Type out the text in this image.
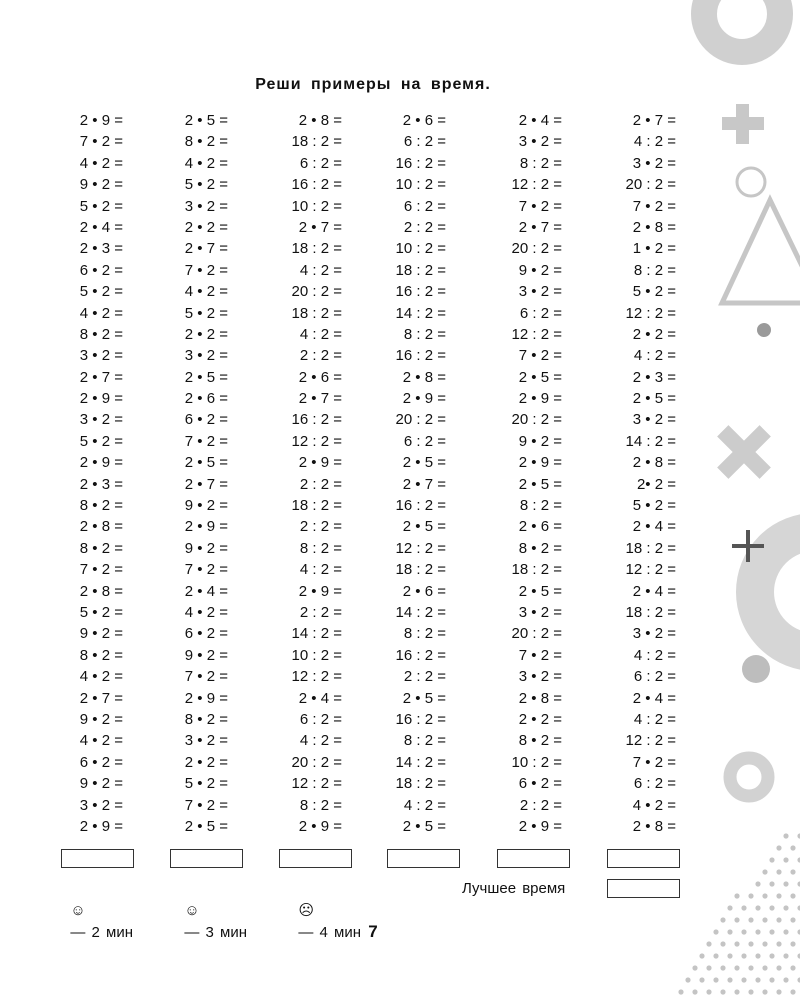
Реши примеры на время.
2 • 9 =
7 • 2 =
4 • 2 =
9 • 2 =
5 • 2 =
2 • 4 =
2 • 3 =
6 • 2 =
5 • 2 =
4 • 2 =
8 • 2 =
3 • 2 =
2 • 7 =
2 • 9 =
3 • 2 =
5 • 2 =
2 • 9 =
2 • 3 =
8 • 2 =
2 • 8 =
8 • 2 =
7 • 2 =
2 • 8 =
5 • 2 =
9 • 2 =
8 • 2 =
4 • 2 =
2 • 7 =
9 • 2 =
4 • 2 =
6 • 2 =
9 • 2 =
3 • 2 =
2 • 9 =
2 • 5 =
8 • 2 =
4 • 2 =
5 • 2 =
3 • 2 =
2 • 2 =
2 • 7 =
7 • 2 =
4 • 2 =
5 • 2 =
2 • 2 =
3 • 2 =
2 • 5 =
2 • 6 =
6 • 2 =
7 • 2 =
2 • 5 =
2 • 7 =
9 • 2 =
2 • 9 =
9 • 2 =
7 • 2 =
2 • 4 =
4 • 2 =
6 • 2 =
9 • 2 =
7 • 2 =
2 • 9 =
8 • 2 =
3 • 2 =
2 • 2 =
5 • 2 =
7 • 2 =
2 • 5 =
2 • 8 =
18 : 2 =
6 : 2 =
16 : 2 =
10 : 2 =
2 • 7 =
18 : 2 =
4 : 2 =
20 : 2 =
18 : 2 =
4 : 2 =
2 : 2 =
2 • 6 =
2 • 7 =
16 : 2 =
12 : 2 =
2 • 9 =
2 : 2 =
18 : 2 =
2 : 2 =
8 : 2 =
4 : 2 =
2 • 9 =
2 : 2 =
14 : 2 =
10 : 2 =
12 : 2 =
2 • 4 =
6 : 2 =
4 : 2 =
20 : 2 =
12 : 2 =
8 : 2 =
2 • 9 =
2 • 6 =
6 : 2 =
16 : 2 =
10 : 2 =
6 : 2 =
2 : 2 =
10 : 2 =
18 : 2 =
16 : 2 =
14 : 2 =
8 : 2 =
16 : 2 =
2 • 8 =
2 • 9 =
20 : 2 =
6 : 2 =
2 • 5 =
2 • 7 =
16 : 2 =
2 • 5 =
12 : 2 =
18 : 2 =
2 • 6 =
14 : 2 =
8 : 2 =
16 : 2 =
2 : 2 =
2 • 5 =
16 : 2 =
8 : 2 =
14 : 2 =
18 : 2 =
4 : 2 =
2 • 5 =
2 • 4 =
3 • 2 =
8 : 2 =
12 : 2 =
7 • 2 =
2 • 7 =
20 : 2 =
9 • 2 =
3 • 2 =
6 : 2 =
12 : 2 =
7 • 2 =
2 • 5 =
2 • 9 =
20 : 2 =
9 • 2 =
2 • 9 =
2 • 5 =
8 : 2 =
2 • 6 =
8 • 2 =
18 : 2 =
2 • 5 =
3 • 2 =
20 : 2 =
7 • 2 =
3 • 2 =
2 • 8 =
2 • 2 =
8 • 2 =
10 : 2 =
6 • 2 =
2 : 2 =
2 • 9 =
2 • 7 =
4 : 2 =
3 • 2 =
20 : 2 =
7 • 2 =
2 • 8 =
1 • 2 =
8 : 2 =
5 • 2 =
12 : 2 =
2 • 2 =
4 : 2 =
2 • 3 =
2 • 5 =
3 • 2 =
14 : 2 =
2 • 8 =
2• 2 =
5 • 2 =
2 • 4 =
18 : 2 =
12 : 2 =
2 • 4 =
18 : 2 =
3 • 2 =
4 : 2 =
6 : 2 =
2 • 4 =
4 : 2 =
12 : 2 =
7 • 2 =
6 : 2 =
4 • 2 =
2 • 8 =

☺
— 2 мин

☺
— 3 мин

☹
— 4 мин

Лучшее время
7
